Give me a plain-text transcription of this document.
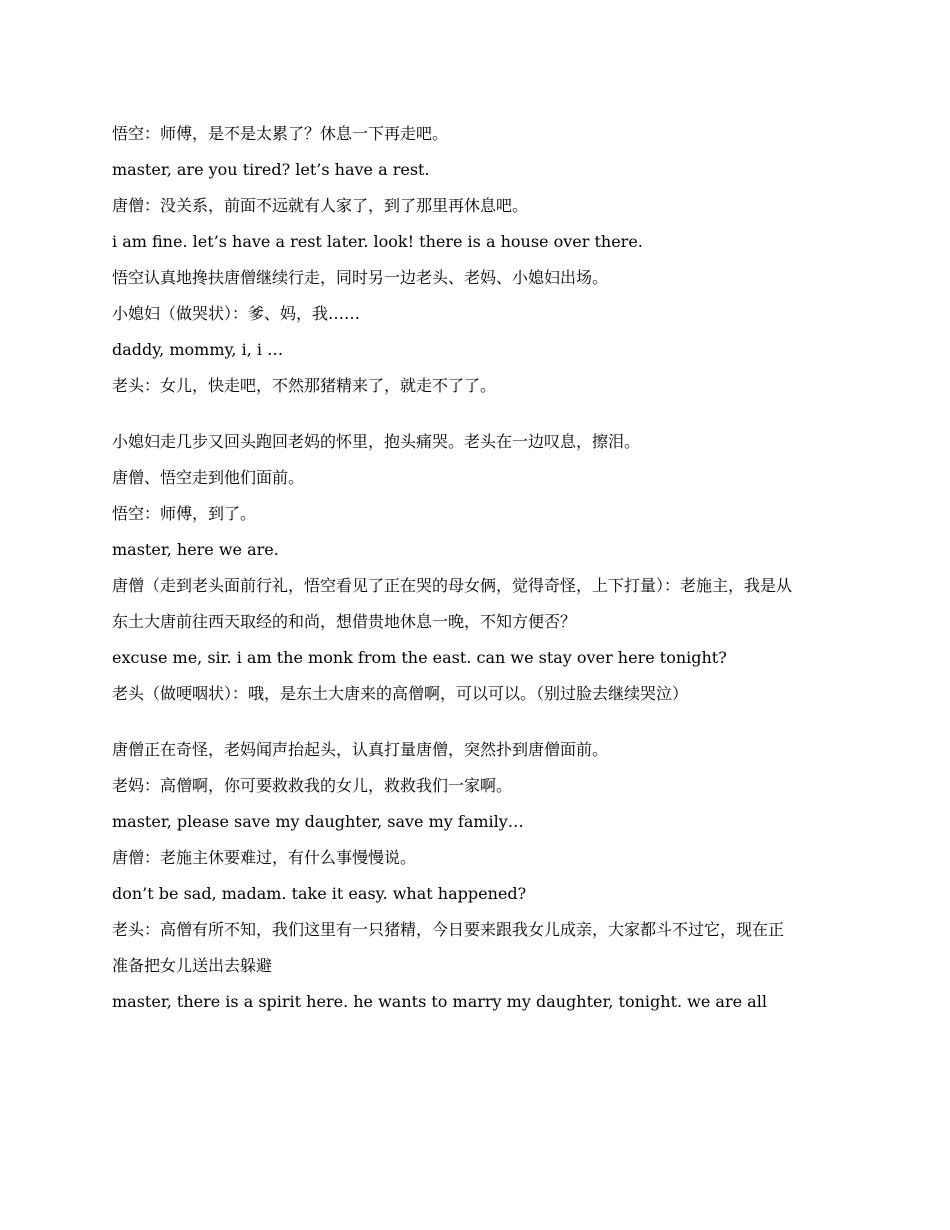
悟空：师傅，是不是太累了？休息一下再走吧。

master, are you tired? let’s have a rest.

唐僧：没关系，前面不远就有人家了，到了那里再休息吧。

i am fine. let’s have a rest later. look! there is a house over there.

悟空认真地搀扶唐僧继续行走，同时另一边老头、老妈、小媳妇出场。

小媳妇（做哭状）：爹、妈，我……

daddy, mommy, i, i …

老头：女儿，快走吧，不然那猪精来了，就走不了了。

小媳妇走几步又回头跑回老妈的怀里，抱头痛哭。老头在一边叹息，擦泪。

唐僧、悟空走到他们面前。

悟空：师傅，到了。

master, here we are.

唐僧（走到老头面前行礼，悟空看见了正在哭的母女俩，觉得奇怪，上下打量）：老施主，我是从

东土大唐前往西天取经的和尚，想借贵地休息一晚，不知方便否？

excuse me, sir. i am the monk from the east. can we stay over here tonight?

老头（做哽咽状）：哦，是东土大唐来的高僧啊，可以可以。（别过脸去继续哭泣）

唐僧正在奇怪，老妈闻声抬起头，认真打量唐僧，突然扑到唐僧面前。

老妈：高僧啊，你可要救救我的女儿，救救我们一家啊。

master, please save my daughter, save my family…

唐僧：老施主休要难过，有什么事慢慢说。

don’t be sad, madam. take it easy. what happened?

老头：高僧有所不知，我们这里有一只猪精，今日要来跟我女儿成亲，大家都斗不过它，现在正

准备把女儿送出去躲避

master, there is a spirit here. he wants to marry my daughter, tonight. we are all
